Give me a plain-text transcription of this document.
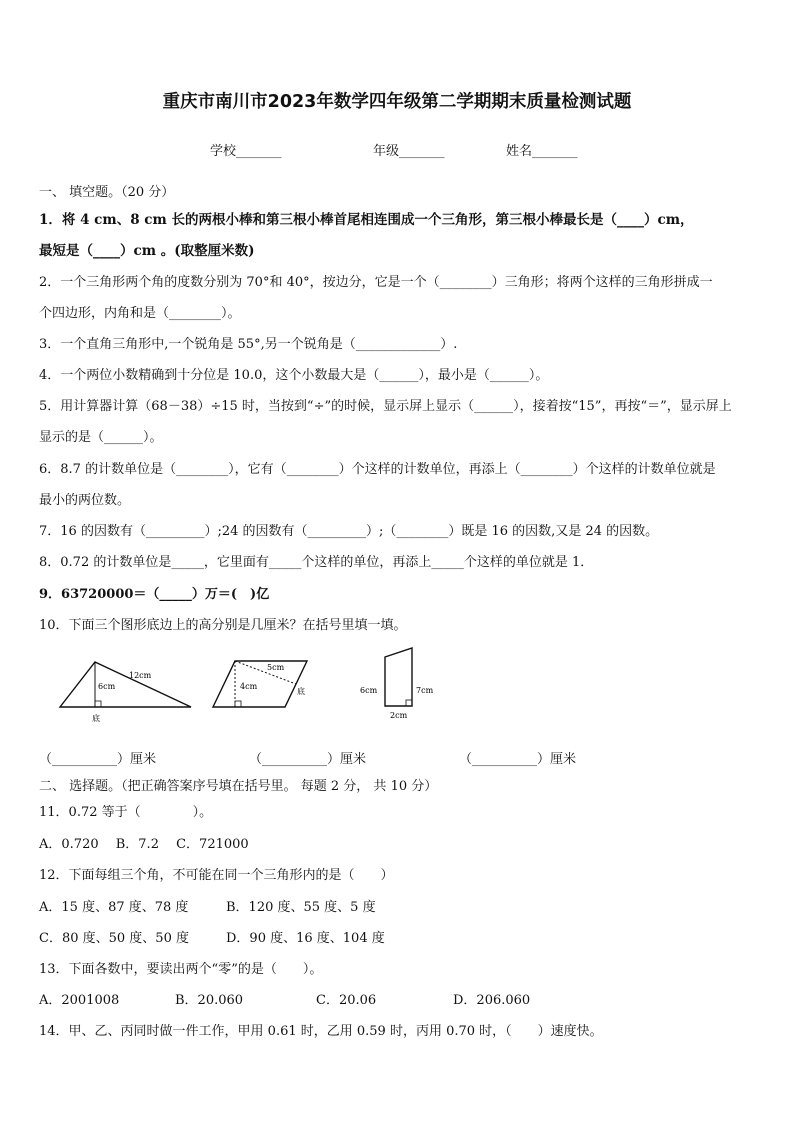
重庆市南川市2023年数学四年级第二学期期末质量检测试题
学校_______	年级_______	姓名_______
一、 填空题。（20 分）
1．将 4 cm、8 cm 长的两根小棒和第三根小棒首尾相连围成一个三角形，第三根小棒最长是（____）cm，
最短是（____）cm 。(取整厘米数)
2．一个三角形两个角的度数分别为 70°和 40°，按边分，它是一个（________）三角形；将两个这样的三角形拼成一
个四边形，内角和是（________）。
3．一个直角三角形中,一个锐角是 55°,另一个锐角是（_____________）.
4．一个两位小数精确到十分位是 10.0，这个小数最大是（______），最小是（______）。
5．用计算器计算（68－38）÷15 时，当按到“÷”的时候，显示屏上显示（______），接着按“15”，再按“＝”，显示屏上
显示的是（______）。
6．8.7 的计数单位是（________），它有（________）个这样的计数单位，再添上（________）个这样的计数单位就是
最小的两位数。
7．16 的因数有（_________）;24 的因数有（_________）;（________）既是 16 的因数,又是 24 的因数。
8．0.72 的计数单位是_____，它里面有_____个这样的单位，再添上_____个这样的单位就是 1．
9．63720000＝（_____）万＝(　)亿
10．下面三个图形底边上的高分别是几厘米？在括号里填一填。
12cm
6cm
底
5cm
4cm
底	6cm	7cm
2cm
（__________）厘米	（__________）厘米	（__________）厘米
二、 选择题。（把正确答案序号填在括号里。 每题 2 分， 共 10 分）
11．0.72 等于（　　　　）。
A．0.720　 B．7.2　 C．721000
12．下面每组三个角，不可能在同一个三角形内的是（　　）
A．15 度、87 度、78 度	B．120 度、55 度、5 度
C．80 度、50 度、50 度	D．90 度、16 度、104 度
13．下面各数中，要读出两个“零”的是（　　）。
A．2001008	B．20.060	C．20.06	D．206.060
14．甲、乙、丙同时做一件工作，甲用 0.61 时，乙用 0.59 时，丙用 0.70 时，（　　）速度快。
